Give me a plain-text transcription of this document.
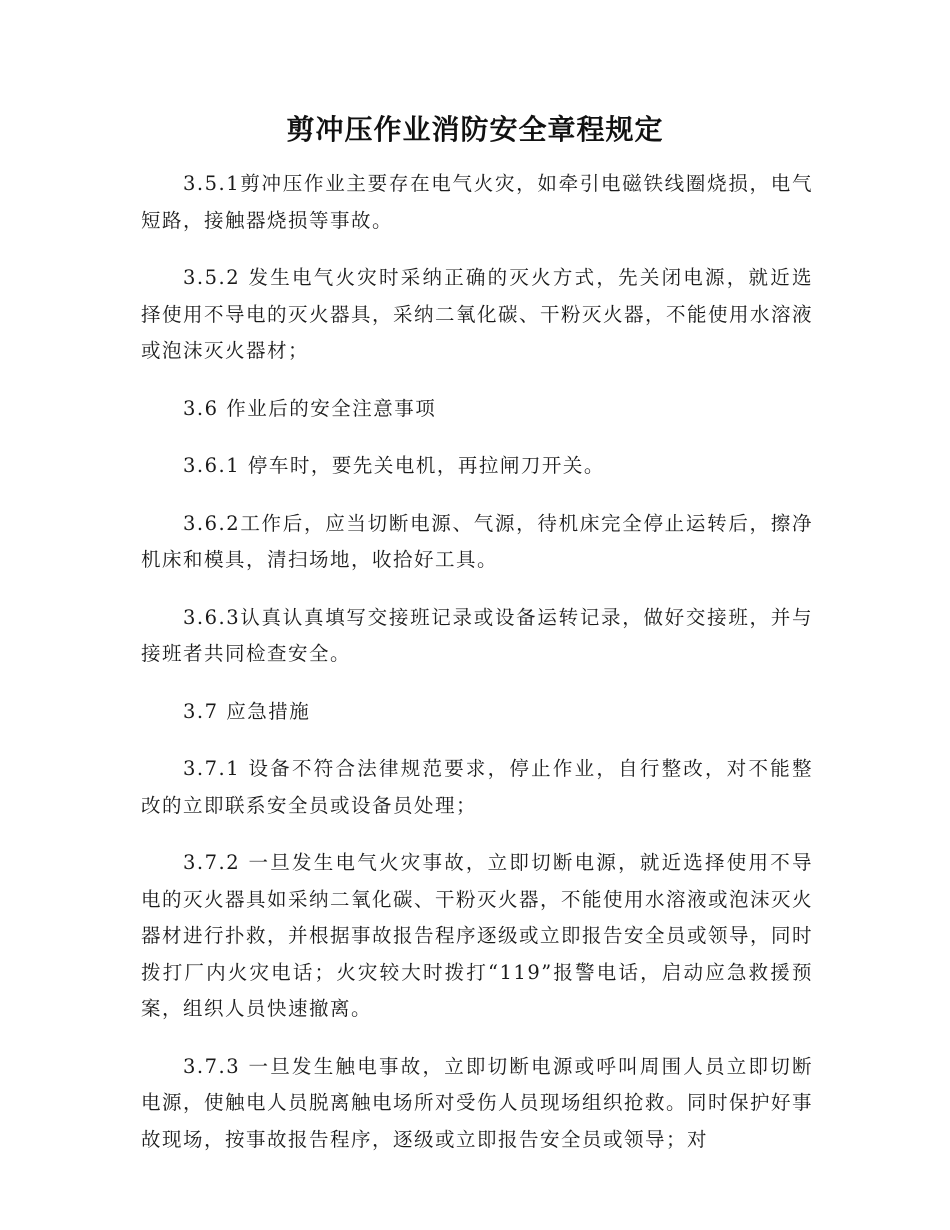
剪冲压作业消防安全章程规定

3.5.1剪冲压作业主要存在电气火灾，如牵引电磁铁线圈烧损，电气短路，接触器烧损等事故。

3.5.2 发生电气火灾时采纳正确的灭火方式，先关闭电源，就近选择使用不导电的灭火器具，采纳二氧化碳、干粉灭火器，不能使用水溶液或泡沫灭火器材；

3.6 作业后的安全注意事项

3.6.1 停车时，要先关电机，再拉闸刀开关。

3.6.2工作后，应当切断电源、气源，待机床完全停止运转后，擦净机床和模具，清扫场地，收拾好工具。

3.6.3认真认真填写交接班记录或设备运转记录，做好交接班，并与接班者共同检查安全。

3.7 应急措施

3.7.1 设备不符合法律规范要求，停止作业，自行整改，对不能整改的立即联系安全员或设备员处理；

3.7.2 一旦发生电气火灾事故，立即切断电源，就近选择使用不导电的灭火器具如采纳二氧化碳、干粉灭火器，不能使用水溶液或泡沫灭火器材进行扑救，并根据事故报告程序逐级或立即报告安全员或领导，同时拨打厂内火灾电话；火灾较大时拨打“119”报警电话，启动应急救援预案，组织人员快速撤离。

3.7.3 一旦发生触电事故，立即切断电源或呼叫周围人员立即切断电源，使触电人员脱离触电场所对受伤人员现场组织抢救。同时保护好事故现场，按事故报告程序，逐级或立即报告安全员或领导；对
